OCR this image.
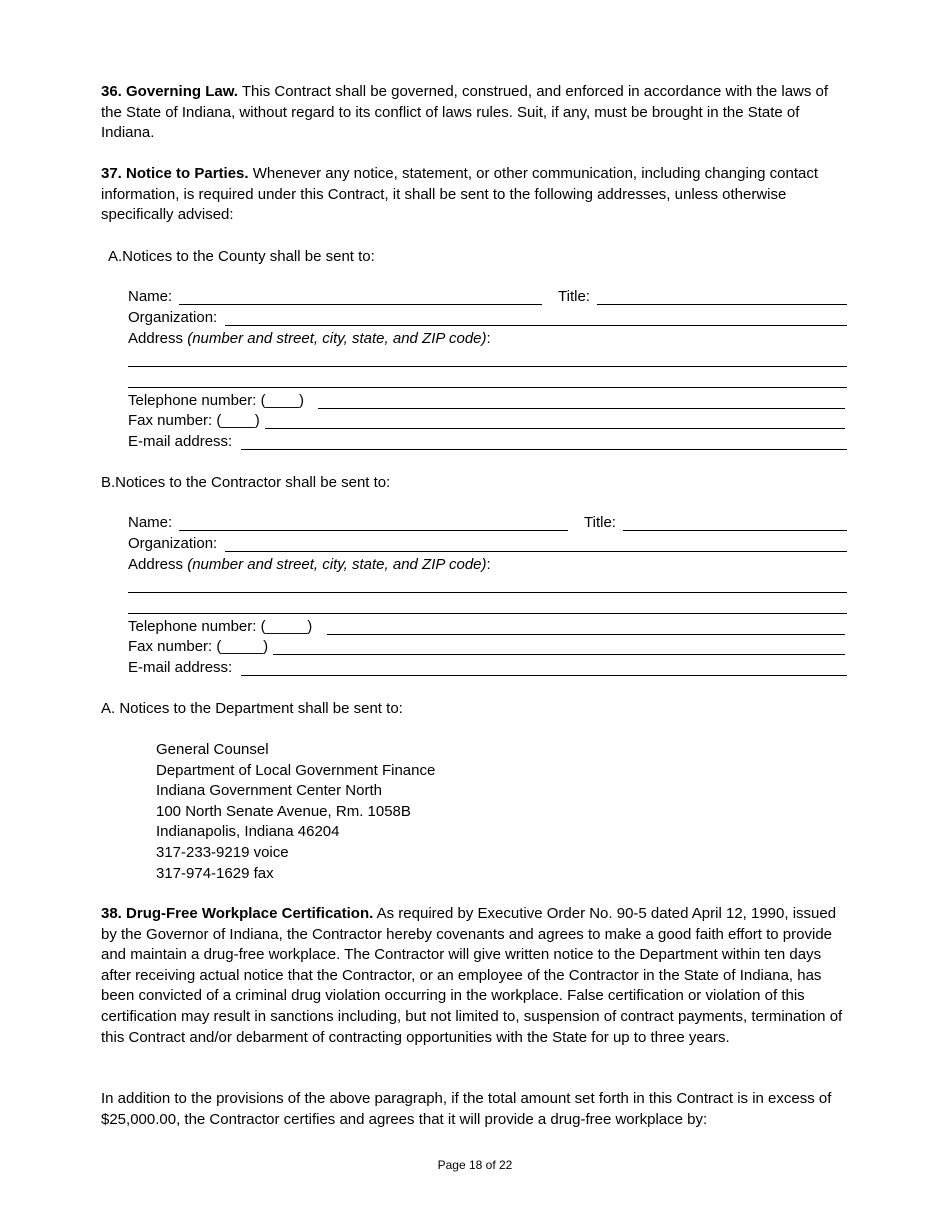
36. Governing Law. This Contract shall be governed, construed, and enforced in accordance with the laws of the State of Indiana, without regard to its conflict of laws rules. Suit, if any, must be brought in the State of Indiana.

37. Notice to Parties. Whenever any notice, statement, or other communication, including changing contact information, is required under this Contract, it shall be sent to the following addresses, unless otherwise specifically advised:

A.Notices to the County shall be sent to:

Name:	Title:
Organization:
Address (number and street, city, state, and ZIP code):
Telephone number: (____)
Fax number: (____)
E-mail address:

B.Notices to the Contractor shall be sent to:

Name:	Title:
Organization:
Address (number and street, city, state, and ZIP code):
Telephone number: (_____)
Fax number: (_____)
E-mail address:

A. Notices to the Department shall be sent to:

General Counsel
Department of Local Government Finance
Indiana Government Center North
100 North Senate Avenue, Rm. 1058B
Indianapolis, Indiana 46204
317-233-9219 voice
317-974-1629 fax

38. Drug-Free Workplace Certification. As required by Executive Order No. 90-5 dated April 12, 1990, issued by the Governor of Indiana, the Contractor hereby covenants and agrees to make a good faith effort to provide and maintain a drug-free workplace. The Contractor will give written notice to the Department within ten days after receiving actual notice that the Contractor, or an employee of the Contractor in the State of Indiana, has been convicted of a criminal drug violation occurring in the workplace. False certification or violation of this certification may result in sanctions including, but not limited to, suspension of contract payments, termination of this Contract and/or debarment of contracting opportunities with the State for up to three years.

In addition to the provisions of the above paragraph, if the total amount set forth in this Contract is in excess of $25,000.00, the Contractor certifies and agrees that it will provide a drug-free workplace by:

Page 18 of 22
